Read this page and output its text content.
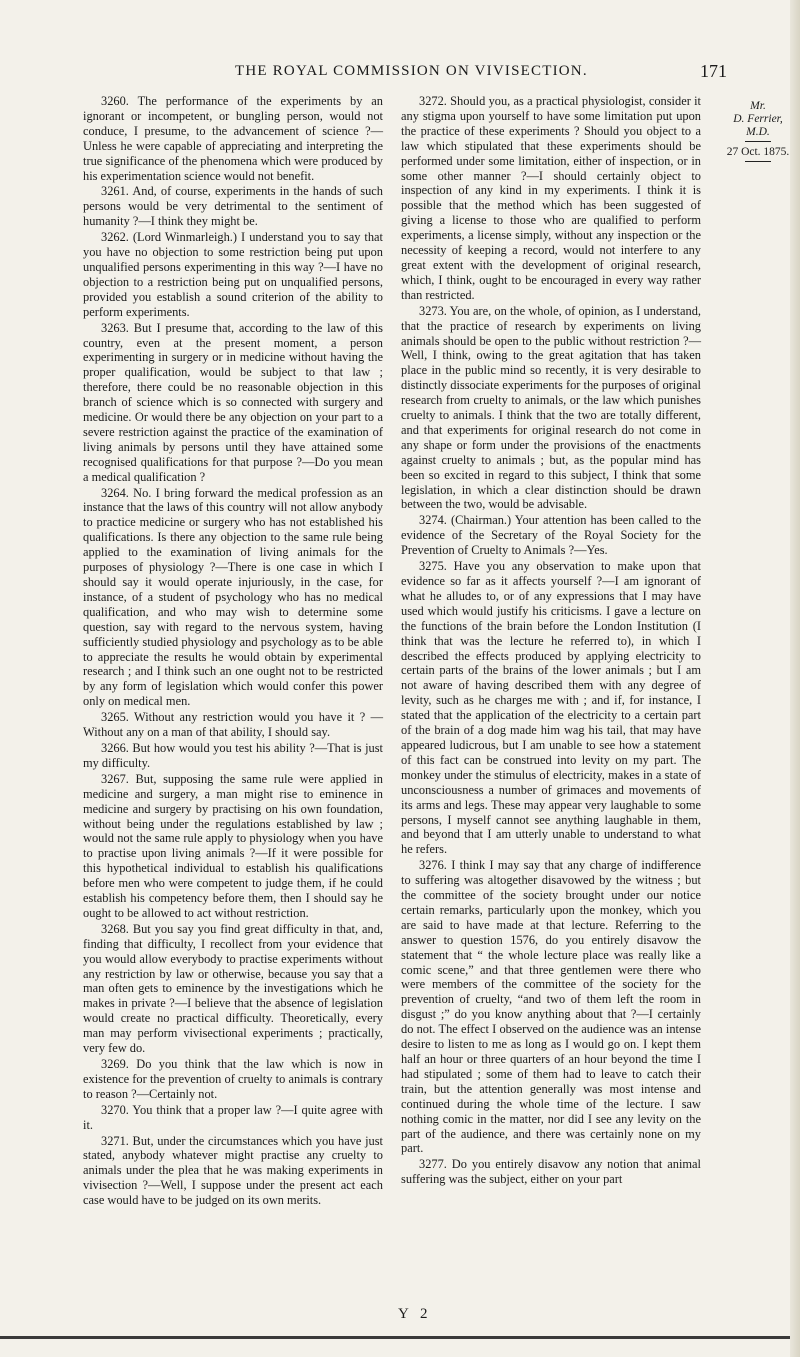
THE ROYAL COMMISSION ON VIVISECTION.	171

3260. The performance of the experiments by an ignorant or incompetent, or bungling person, would not conduce, I presume, to the advancement of science ?—Unless he were capable of appreciating and interpreting the true significance of the phenomena which were produced by his experimentation science would not benefit.

3261. And, of course, experiments in the hands of such persons would be very detrimental to the sentiment of humanity ?—I think they might be.

3262. (Lord Winmarleigh.) I understand you to say that you have no objection to some restriction being put upon unqualified persons experimenting in this way ?—I have no objection to a restriction being put on unqualified persons, provided you establish a sound criterion of the ability to perform experiments.

3263. But I presume that, according to the law of this country, even at the present moment, a person experimenting in surgery or in medicine without having the proper qualification, would be subject to that law ; therefore, there could be no reasonable objection in this branch of science which is so connected with surgery and medicine. Or would there be any objection on your part to a severe restriction against the practice of the examination of living animals by persons until they have attained some recognised qualifications for that purpose ?—Do you mean a medical qualification ?

3264. No. I bring forward the medical profession as an instance that the laws of this country will not allow anybody to practice medicine or surgery who has not established his qualifications. Is there any objection to the same rule being applied to the examination of living animals for the purposes of physiology ?—There is one case in which I should say it would operate injuriously, in the case, for instance, of a student of psychology who has no medical qualification, and who may wish to determine some question, say with regard to the nervous system, having sufficiently studied physiology and psychology as to be able to appreciate the results he would obtain by experimental research ; and I think such an one ought not to be restricted by any form of legislation which would confer this power only on medical men.

3265. Without any restriction would you have it ? —Without any on a man of that ability, I should say.

3266. But how would you test his ability ?—That is just my difficulty.

3267. But, supposing the same rule were applied in medicine and surgery, a man might rise to eminence in medicine and surgery by practising on his own foundation, without being under the regulations established by law ; would not the same rule apply to physiology when you have to practise upon living animals ?—If it were possible for this hypothetical individual to establish his qualifications before men who were competent to judge them, if he could establish his competency before them, then I should say he ought to be allowed to act without restriction.

3268. But you say you find great difficulty in that, and, finding that difficulty, I recollect from your evidence that you would allow everybody to practise experiments without any restriction by law or otherwise, because you say that a man often gets to eminence by the investigations which he makes in private ?—I believe that the absence of legislation would create no practical difficulty. Theoretically, every man may perform vivisectional experiments ; practically, very few do.

3269. Do you think that the law which is now in existence for the prevention of cruelty to animals is contrary to reason ?—Certainly not.

3270. You think that a proper law ?—I quite agree with it.

3271. But, under the circumstances which you have just stated, anybody whatever might practise any cruelty to animals under the plea that he was making experiments in vivisection ?—Well, I suppose under the present act each case would have to be judged on its own merits.

3272. Should you, as a practical physiologist, consider it any stigma upon yourself to have some limitation put upon the practice of these experiments ? Should you object to a law which stipulated that these experiments should be performed under some limitation, either of inspection, or in some other manner ?—I should certainly object to inspection of any kind in my experiments. I think it is possible that the method which has been suggested of giving a license to those who are qualified to perform experiments, a license simply, without any inspection or the necessity of keeping a record, would not interfere to any great extent with the development of original research, which, I think, ought to be encouraged in every way rather than restricted.

3273. You are, on the whole, of opinion, as I understand, that the practice of research by experiments on living animals should be open to the public without restriction ?—Well, I think, owing to the great agitation that has taken place in the public mind so recently, it is very desirable to distinctly dissociate experiments for the purposes of original research from cruelty to animals, or the law which punishes cruelty to animals. I think that the two are totally different, and that experiments for original research do not come in any shape or form under the provisions of the enactments against cruelty to animals ; but, as the popular mind has been so excited in regard to this subject, I think that some legislation, in which a clear distinction should be drawn between the two, would be advisable.

3274. (Chairman.) Your attention has been called to the evidence of the Secretary of the Royal Society for the Prevention of Cruelty to Animals ?—Yes.

3275. Have you any observation to make upon that evidence so far as it affects yourself ?—I am ignorant of what he alludes to, or of any expressions that I may have used which would justify his criticisms. I gave a lecture on the functions of the brain before the London Institution (I think that was the lecture he referred to), in which I described the effects produced by applying electricity to certain parts of the brains of the lower animals ; but I am not aware of having described them with any degree of levity, such as he charges me with ; and if, for instance, I stated that the application of the electricity to a certain part of the brain of a dog made him wag his tail, that may have appeared ludicrous, but I am unable to see how a statement of this fact can be construed into levity on my part. The monkey under the stimulus of electricity, makes in a state of unconsciousness a number of grimaces and movements of its arms and legs. These may appear very laughable to some persons, I myself cannot see anything laughable in them, and beyond that I am utterly unable to understand to what he refers.

3276. I think I may say that any charge of indifference to suffering was altogether disavowed by the witness ; but the committee of the society brought under our notice certain remarks, particularly upon the monkey, which you are said to have made at that lecture. Referring to the answer to question 1576, do you entirely disavow the statement that “ the whole lecture place was really like a comic scene,” and that three gentlemen were there who were members of the committee of the society for the prevention of cruelty, “and two of them left the room in disgust ;” do you know anything about that ?—I certainly do not. The effect I observed on the audience was an intense desire to listen to me as long as I would go on. I kept them half an hour or three quarters of an hour beyond the time I had stipulated ; some of them had to leave to catch their train, but the attention generally was most intense and continued during the whole time of the lecture. I saw nothing comic in the matter, nor did I see any levity on the part of the audience, and there was certainly none on my part.

3277. Do you entirely disavow any notion that animal suffering was the subject, either on your part

Mr.
D. Ferrier,
M.D.
27 Oct. 1875.
Y 2
